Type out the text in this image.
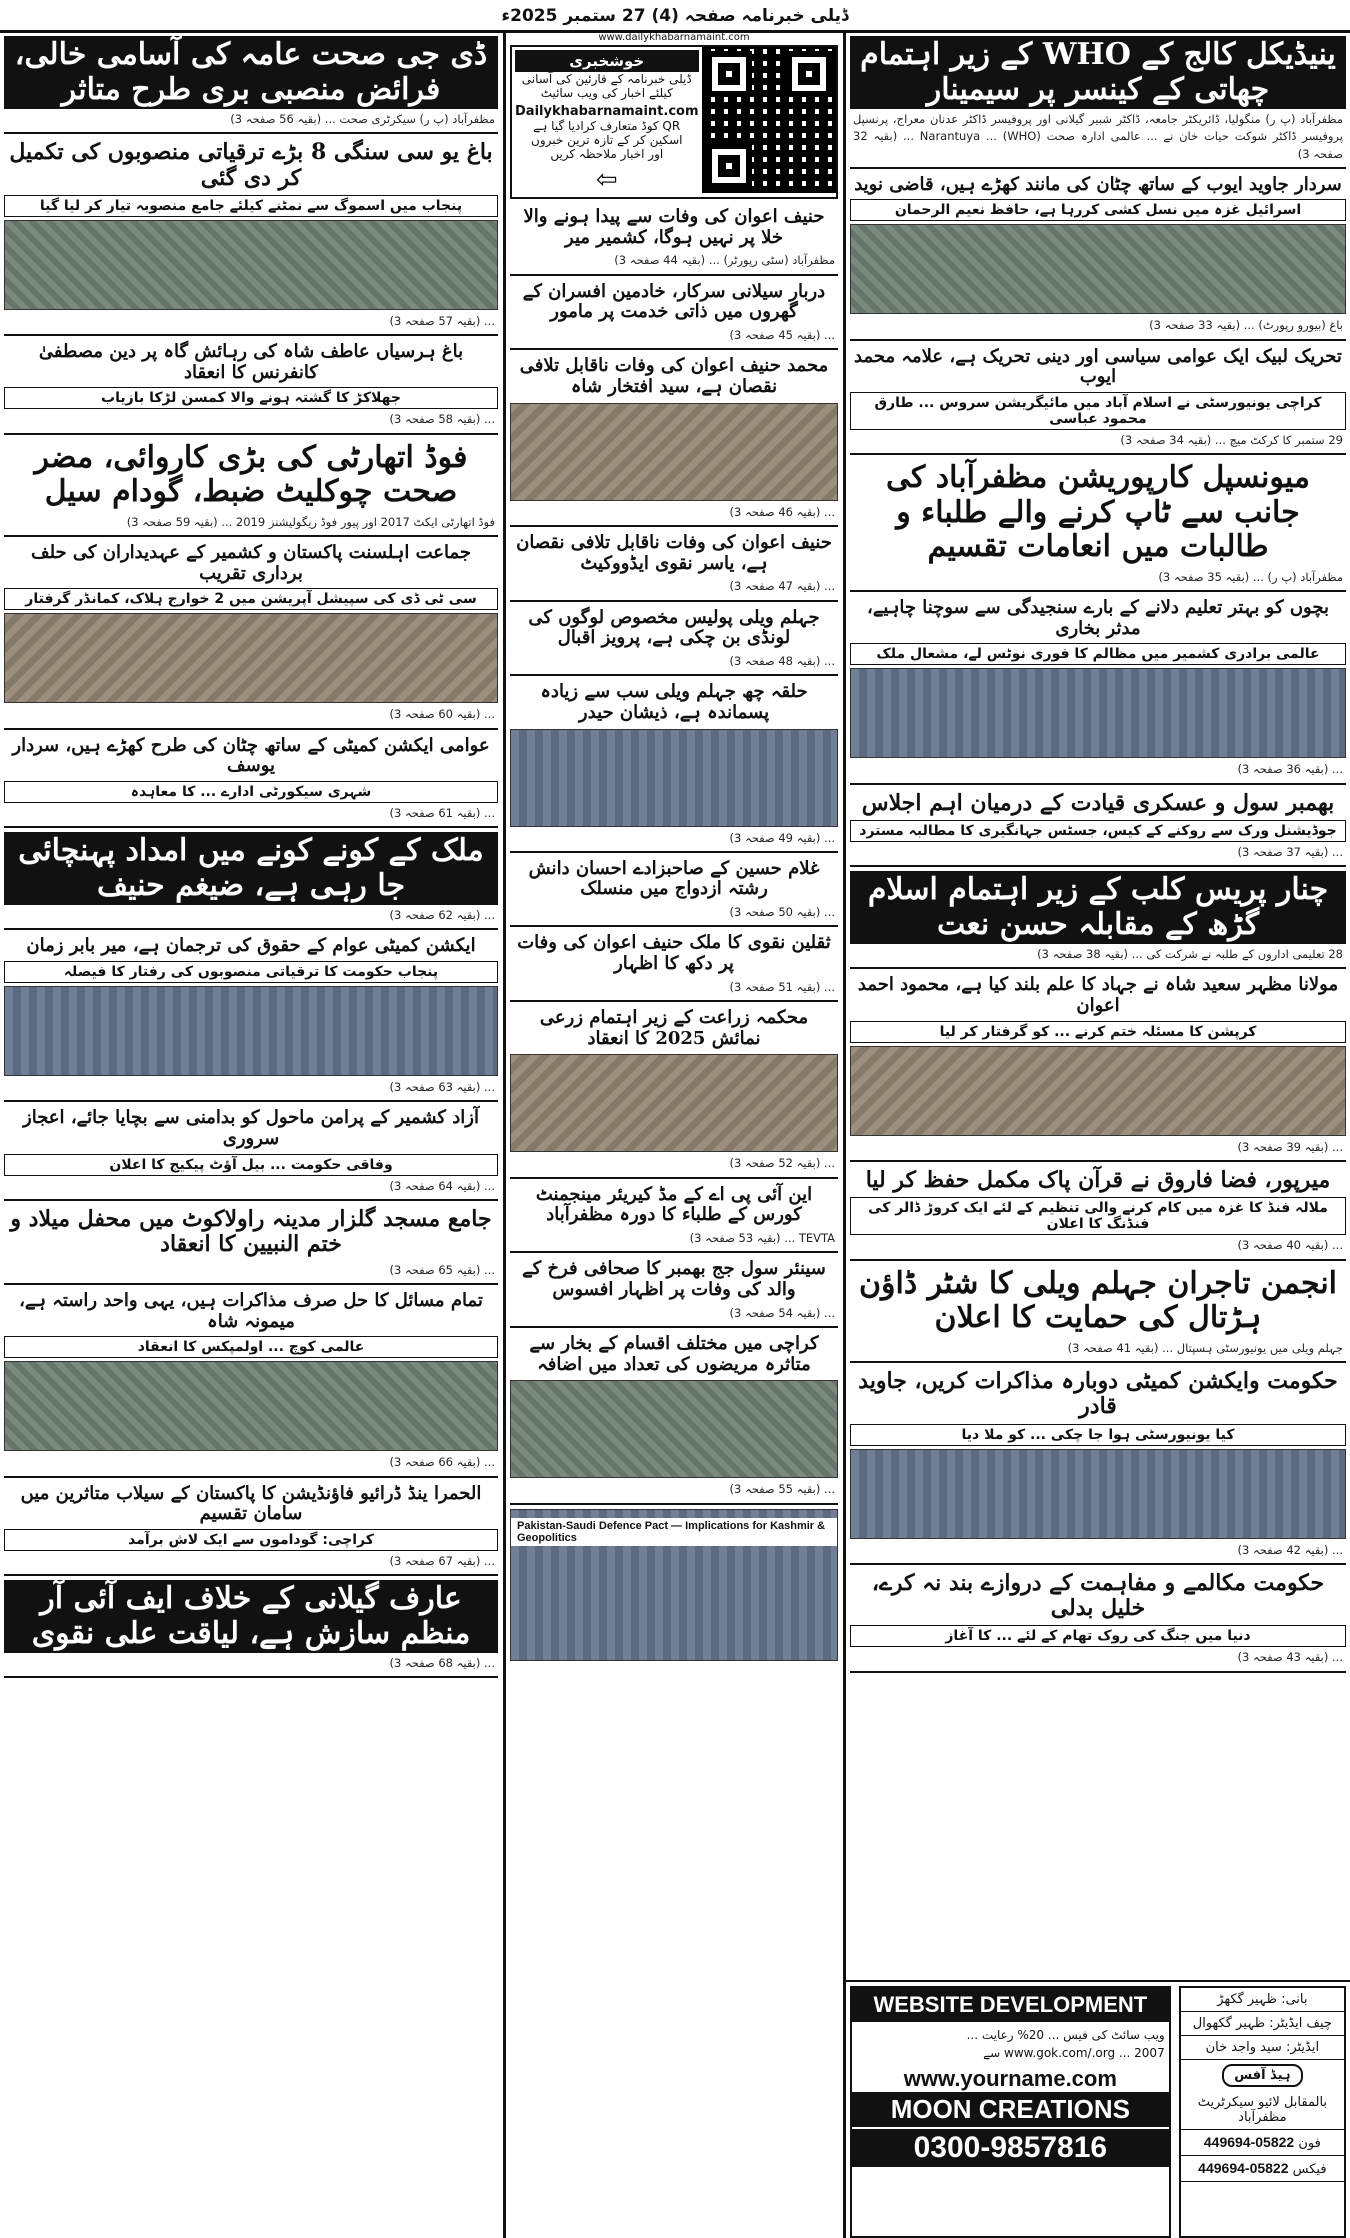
ڈیلی خبرنامہ صفحہ (4) 27 ستمبر 2025ء
ینیڈیکل کالج کے WHO کے زیر اہتمام چھاتی کے کینسر پر سیمینار
مظفرآباد (پ ر) منگولیا، ڈائریکٹر جامعہ، ڈاکٹر شبیر گیلانی اور پروفیسر ڈاکٹر عدنان معراج، پرنسپل پروفیسر ڈاکٹر شوکت حیات خان نے ... عالمی ادارہ صحت (WHO) ... Narantuya ... (بقیہ 32 صفحہ 3)
سردار جاوید ایوب کے ساتھ چٹان کی مانند کھڑے ہیں، قاضی نوید
اسرائیل غزہ میں نسل کشی کررہا ہے، حافظ نعیم الرحمان
باغ (بیورو رپورٹ) ... (بقیہ 33 صفحہ 3)
تحریک لبیک ایک عوامی سیاسی اور دینی تحریک ہے، علامہ محمد ایوب
کراچی یونیورسٹی نے اسلام آباد میں مائیگریشن سروس ... طارق محمود عباسی
29 ستمبر کا کرکٹ میچ ... (بقیہ 34 صفحہ 3)
میونسپل کارپوریشن مظفرآباد کی جانب سے ٹاپ کرنے والے طلباء و طالبات میں انعامات تقسیم
مظفرآباد (پ ر) ... (بقیہ 35 صفحہ 3)
بچوں کو بہتر تعلیم دلانے کے بارے سنجیدگی سے سوچنا چاہیے، مدثر بخاری
عالمی برادری کشمیر میں مظالم کا فوری نوٹس لے، مشعال ملک
... (بقیہ 36 صفحہ 3)
بھمبر سول و عسکری قیادت کے درمیان اہم اجلاس
جوڈیشنل ورک سے روکنے کے کیس، جسٹس جہانگیری کا مطالبہ مسترد
... (بقیہ 37 صفحہ 3)
چنار پریس کلب کے زیر اہتمام اسلام گڑھ کے مقابلہ حسن نعت
28 تعلیمی اداروں کے طلبہ نے شرکت کی ... (بقیہ 38 صفحہ 3)
مولانا مظہر سعید شاہ نے جہاد کا علم بلند کیا ہے، محمود احمد اعوان
کرپشن کا مسئلہ ختم کرنے ... کو گرفتار کر لیا
... (بقیہ 39 صفحہ 3)
میرپور، فضا فاروق نے قرآن پاک مکمل حفظ کر لیا
ملالہ فنڈ کا غزہ میں کام کرنے والی تنظیم کے لئے ایک کروڑ ڈالر کی فنڈنگ کا اعلان
... (بقیہ 40 صفحہ 3)
انجمن تاجران جہلم ویلی کا شٹر ڈاؤن ہڑتال کی حمایت کا اعلان
جہلم ویلی میں یونیورسٹی ہسپتال ... (بقیہ 41 صفحہ 3)
حکومت وایکشن کمیٹی دوبارہ مذاکرات کریں، جاوید قادر
کیا یونیورسٹی ہوا جا چکی ... کو ملا دیا
... (بقیہ 42 صفحہ 3)
حکومت مکالمے و مفاہمت کے دروازے بند نہ کرے، خلیل بدلی
دنیا میں جنگ کی روک تھام کے لئے ... کا آغاز
... (بقیہ 43 صفحہ 3)
www.dailykhabarnamaint.com
خوشخبری
ڈیلی خبرنامہ کے قارئین کی آسانی
کیلئے اخبار کی ویب سائیٹ
Dailykhabarnamaint.com
QR کوڈ متعارف کرادیا گیا ہے
اسکین کر کے تازہ ترین خبروں
اور اخبار ملاحظہ کریں
⇦
حنیف اعوان کی وفات سے پیدا ہونے والا خلا پر نہیں ہوگا، کشمیر میر
مظفرآباد (سٹی رپورٹر) ... (بقیہ 44 صفحہ 3)
دربار سیلانی سرکار، خادمین افسران کے گھروں میں ذاتی خدمت پر مامور
... (بقیہ 45 صفحہ 3)
محمد حنیف اعوان کی وفات ناقابل تلافی نقصان ہے، سید افتخار شاہ
... (بقیہ 46 صفحہ 3)
حنیف اعوان کی وفات ناقابل تلافی نقصان ہے، یاسر نقوی ایڈووکیٹ
... (بقیہ 47 صفحہ 3)
جہلم ویلی پولیس مخصوص لوگوں کی لونڈی بن چکی ہے، پرویز اقبال
... (بقیہ 48 صفحہ 3)
حلقہ چھ جہلم ویلی سب سے زیادہ پسماندہ ہے، ذیشان حیدر
... (بقیہ 49 صفحہ 3)
غلام حسین کے صاحبزادے احسان دانش رشتہ ازدواج میں منسلک
... (بقیہ 50 صفحہ 3)
ثقلین نقوی کا ملک حنیف اعوان کی وفات پر دکھ کا اظہار
... (بقیہ 51 صفحہ 3)
محکمہ زراعت کے زیر اہتمام زرعی نمائش 2025 کا انعقاد
... (بقیہ 52 صفحہ 3)
این آئی پی اے کے مڈ کیریئر مینجمنٹ کورس کے طلباء کا دورہ مظفرآباد
TEVTA ... (بقیہ 53 صفحہ 3)
سینئر سول جج بھمبر کا صحافی فرخ کے والد کی وفات پر اظہار افسوس
... (بقیہ 54 صفحہ 3)
کراچی میں مختلف اقسام کے بخار سے متاثرہ مریضوں کی تعداد میں اضافہ
... (بقیہ 55 صفحہ 3)
Pakistan-Saudi Defence Pact — Implications for Kashmir & Geopolitics
ڈی جی صحت عامہ کی آسامی خالی، فرائض منصبی بری طرح متاثر
مظفرآباد (پ ر) سیکرٹری صحت ... (بقیہ 56 صفحہ 3)
باغ یو سی سنگی 8 بڑے ترقیاتی منصوبوں کی تکمیل کر دی گئی
پنجاب میں اسموگ سے نمٹنے کیلئے جامع منصوبہ تیار کر لیا گیا
... (بقیہ 57 صفحہ 3)
باغ ہرسیاں عاطف شاہ کی رہائش گاہ پر دین مصطفیٰ کانفرنس کا انعقاد
جھلاکڑ کا گشتہ ہونے والا کمسن لڑکا بازیاب
... (بقیہ 58 صفحہ 3)
فوڈ اتھارٹی کی بڑی کاروائی، مضر صحت چوکلیٹ ضبط، گودام سیل
فوڈ اتھارٹی ایکٹ 2017 اور پیور فوڈ ریگولیشنز 2019 ... (بقیہ 59 صفحہ 3)
جماعت اہلسنت پاکستان و کشمیر کے عہدیداران کی حلف برداری تقریب
سی ٹی ڈی کی سپیشل آپریشن میں 2 خوارج ہلاک، کمانڈر گرفتار
... (بقیہ 60 صفحہ 3)
عوامی ایکشن کمیٹی کے ساتھ چٹان کی طرح کھڑے ہیں، سردار یوسف
شہری سیکورٹی ادارے ... کا معاہدہ
... (بقیہ 61 صفحہ 3)
ملک کے کونے کونے میں امداد پہنچائی جا رہی ہے، ضیغم حنیف
... (بقیہ 62 صفحہ 3)
ایکشن کمیٹی عوام کے حقوق کی ترجمان ہے، میر بابر زمان
پنجاب حکومت کا ترقیاتی منصوبوں کی رفتار کا فیصلہ
... (بقیہ 63 صفحہ 3)
آزاد کشمیر کے پرامن ماحول کو بدامنی سے بچایا جائے، اعجاز سروری
وفاقی حکومت ... بیل آؤٹ پیکیج کا اعلان
... (بقیہ 64 صفحہ 3)
جامع مسجد گلزار مدینہ راولاکوٹ میں محفل میلاد و ختم النبیین کا انعقاد
... (بقیہ 65 صفحہ 3)
تمام مسائل کا حل صرف مذاکرات ہیں، یہی واحد راستہ ہے، میمونہ شاہ
عالمی کوچ ... اولمپکس کا انعقاد
... (بقیہ 66 صفحہ 3)
الحمرا ینڈ ڈرائیو فاؤنڈیشن کا پاکستان کے سیلاب متاثرین میں سامان تقسیم
کراچی: گوداموں سے ایک لاش برآمد
... (بقیہ 67 صفحہ 3)
عارف گیلانی کے خلاف ایف آئی آر منظم سازش ہے، لیاقت علی نقوی
... (بقیہ 68 صفحہ 3)
WEBSITE DEVELOPMENT
ویب سائٹ کی فیس ... 20% رعایت ... www.gok.com/.org ... 2007 سے
www.yourname.com
MOON CREATIONS
0300-9857816
بانی: ظہیر گکھڑ
چیف ایڈیٹر: ظہیر گکھوال
ایڈیٹر: سید واجد خان
ہیڈ آفس
بالمقابل لائیو سیکرٹریٹ مظفرآباد
فون 05822-449694
فیکس 05822-449694
